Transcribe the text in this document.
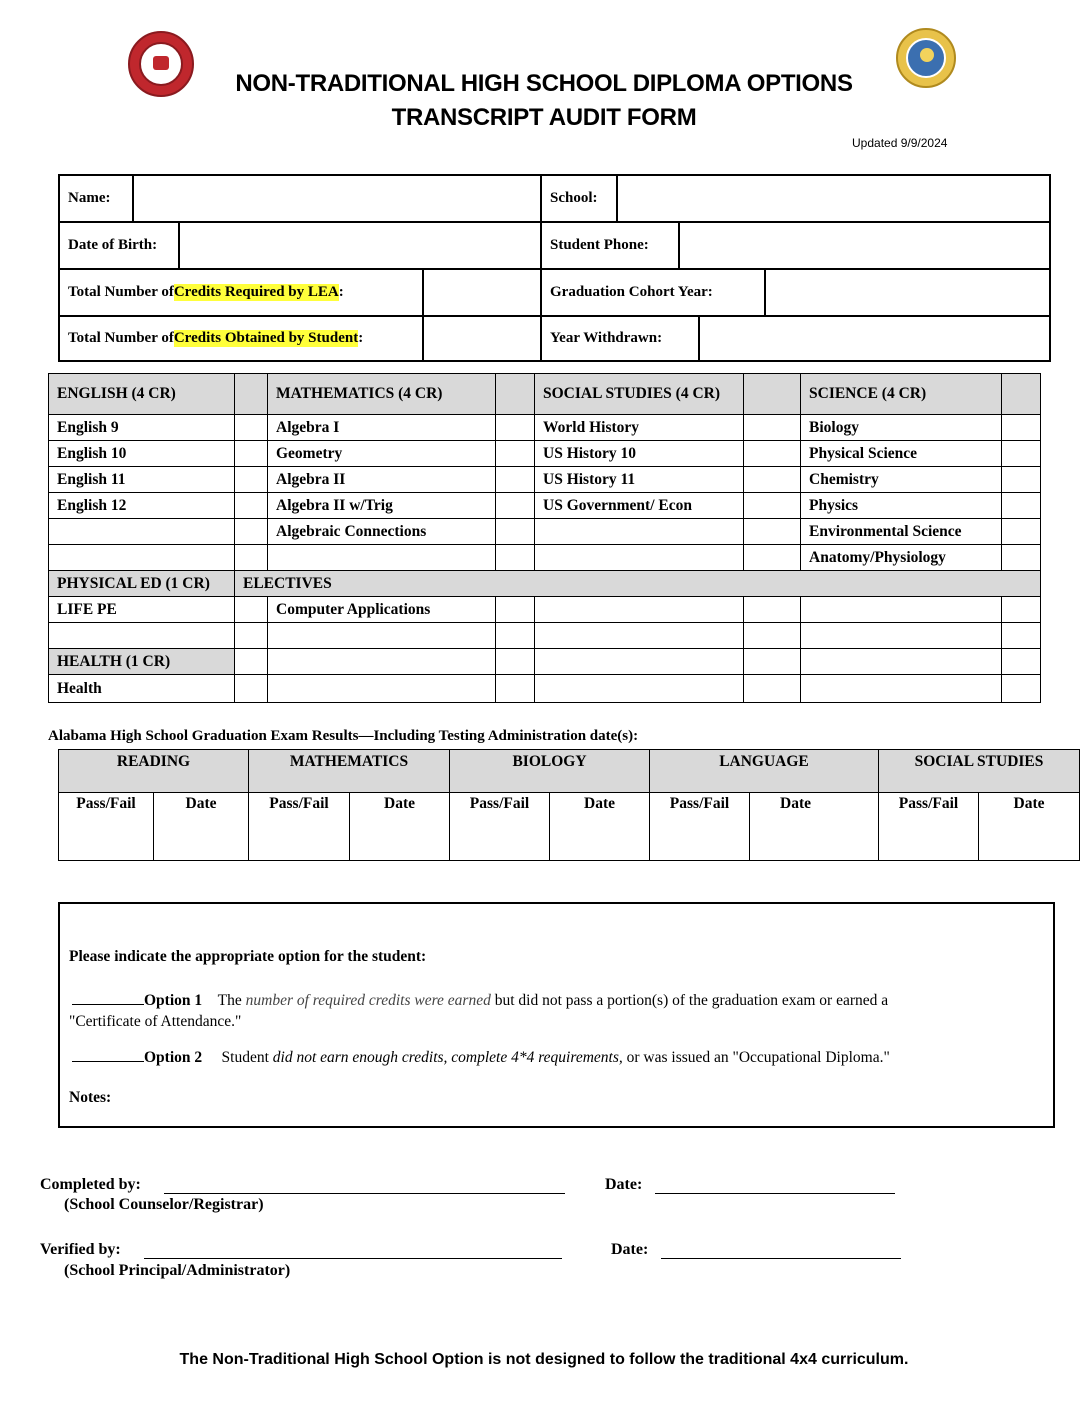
NON-TRADITIONAL HIGH SCHOOL DIPLOMA OPTIONS
TRANSCRIPT AUDIT FORM
Updated 9/9/2024
Name:	School:
Date of Birth:	Student Phone:
Total Number of Credits Required by LEA :	Graduation Cohort Year:
Total Number of Credits Obtained by Student :	Year Withdrawn:
ENGLISH (4 CR)		MATHEMATICS (4 CR)		SOCIAL STUDIES (4 CR)		SCIENCE (4 CR)	
English 9		Algebra I		World History		Biology	
English 10		Geometry		US History 10		Physical Science	
English 11		Algebra II		US History 11		Chemistry	
English 12		Algebra II w/Trig		US Government/ Econ		Physics	
		Algebraic Connections				Environmental Science	
						Anatomy/Physiology	
PHYSICAL ED (1 CR)	ELECTIVES						
LIFE PE		Computer Applications					

HEALTH (1 CR)							
Health							
Alabama High School Graduation Exam Results—Including Testing Administration date(s):
READING		MATHEMATICS		BIOLOGY		LANGUAGE		SOCIAL STUDIES	
Pass/Fail	Date	Pass/Fail	Date	Pass/Fail	Date	Pass/Fail	Date	Pass/Fail	Date
Please indicate the appropriate option for the student:
Option 1 The number of required credits were earned but did not pass a portion(s) of the graduation exam or earned a
"Certificate of Attendance."
Option 2 Student did not earn enough credits, complete 4*4 requirements, or was issued an "Occupational Diploma."
Notes:
Completed by:
(School Counselor/Registrar)
Date:
Verified by:
(School Principal/Administrator)
Date:
The Non-Traditional High School Option is not designed to follow the traditional 4x4 curriculum.
